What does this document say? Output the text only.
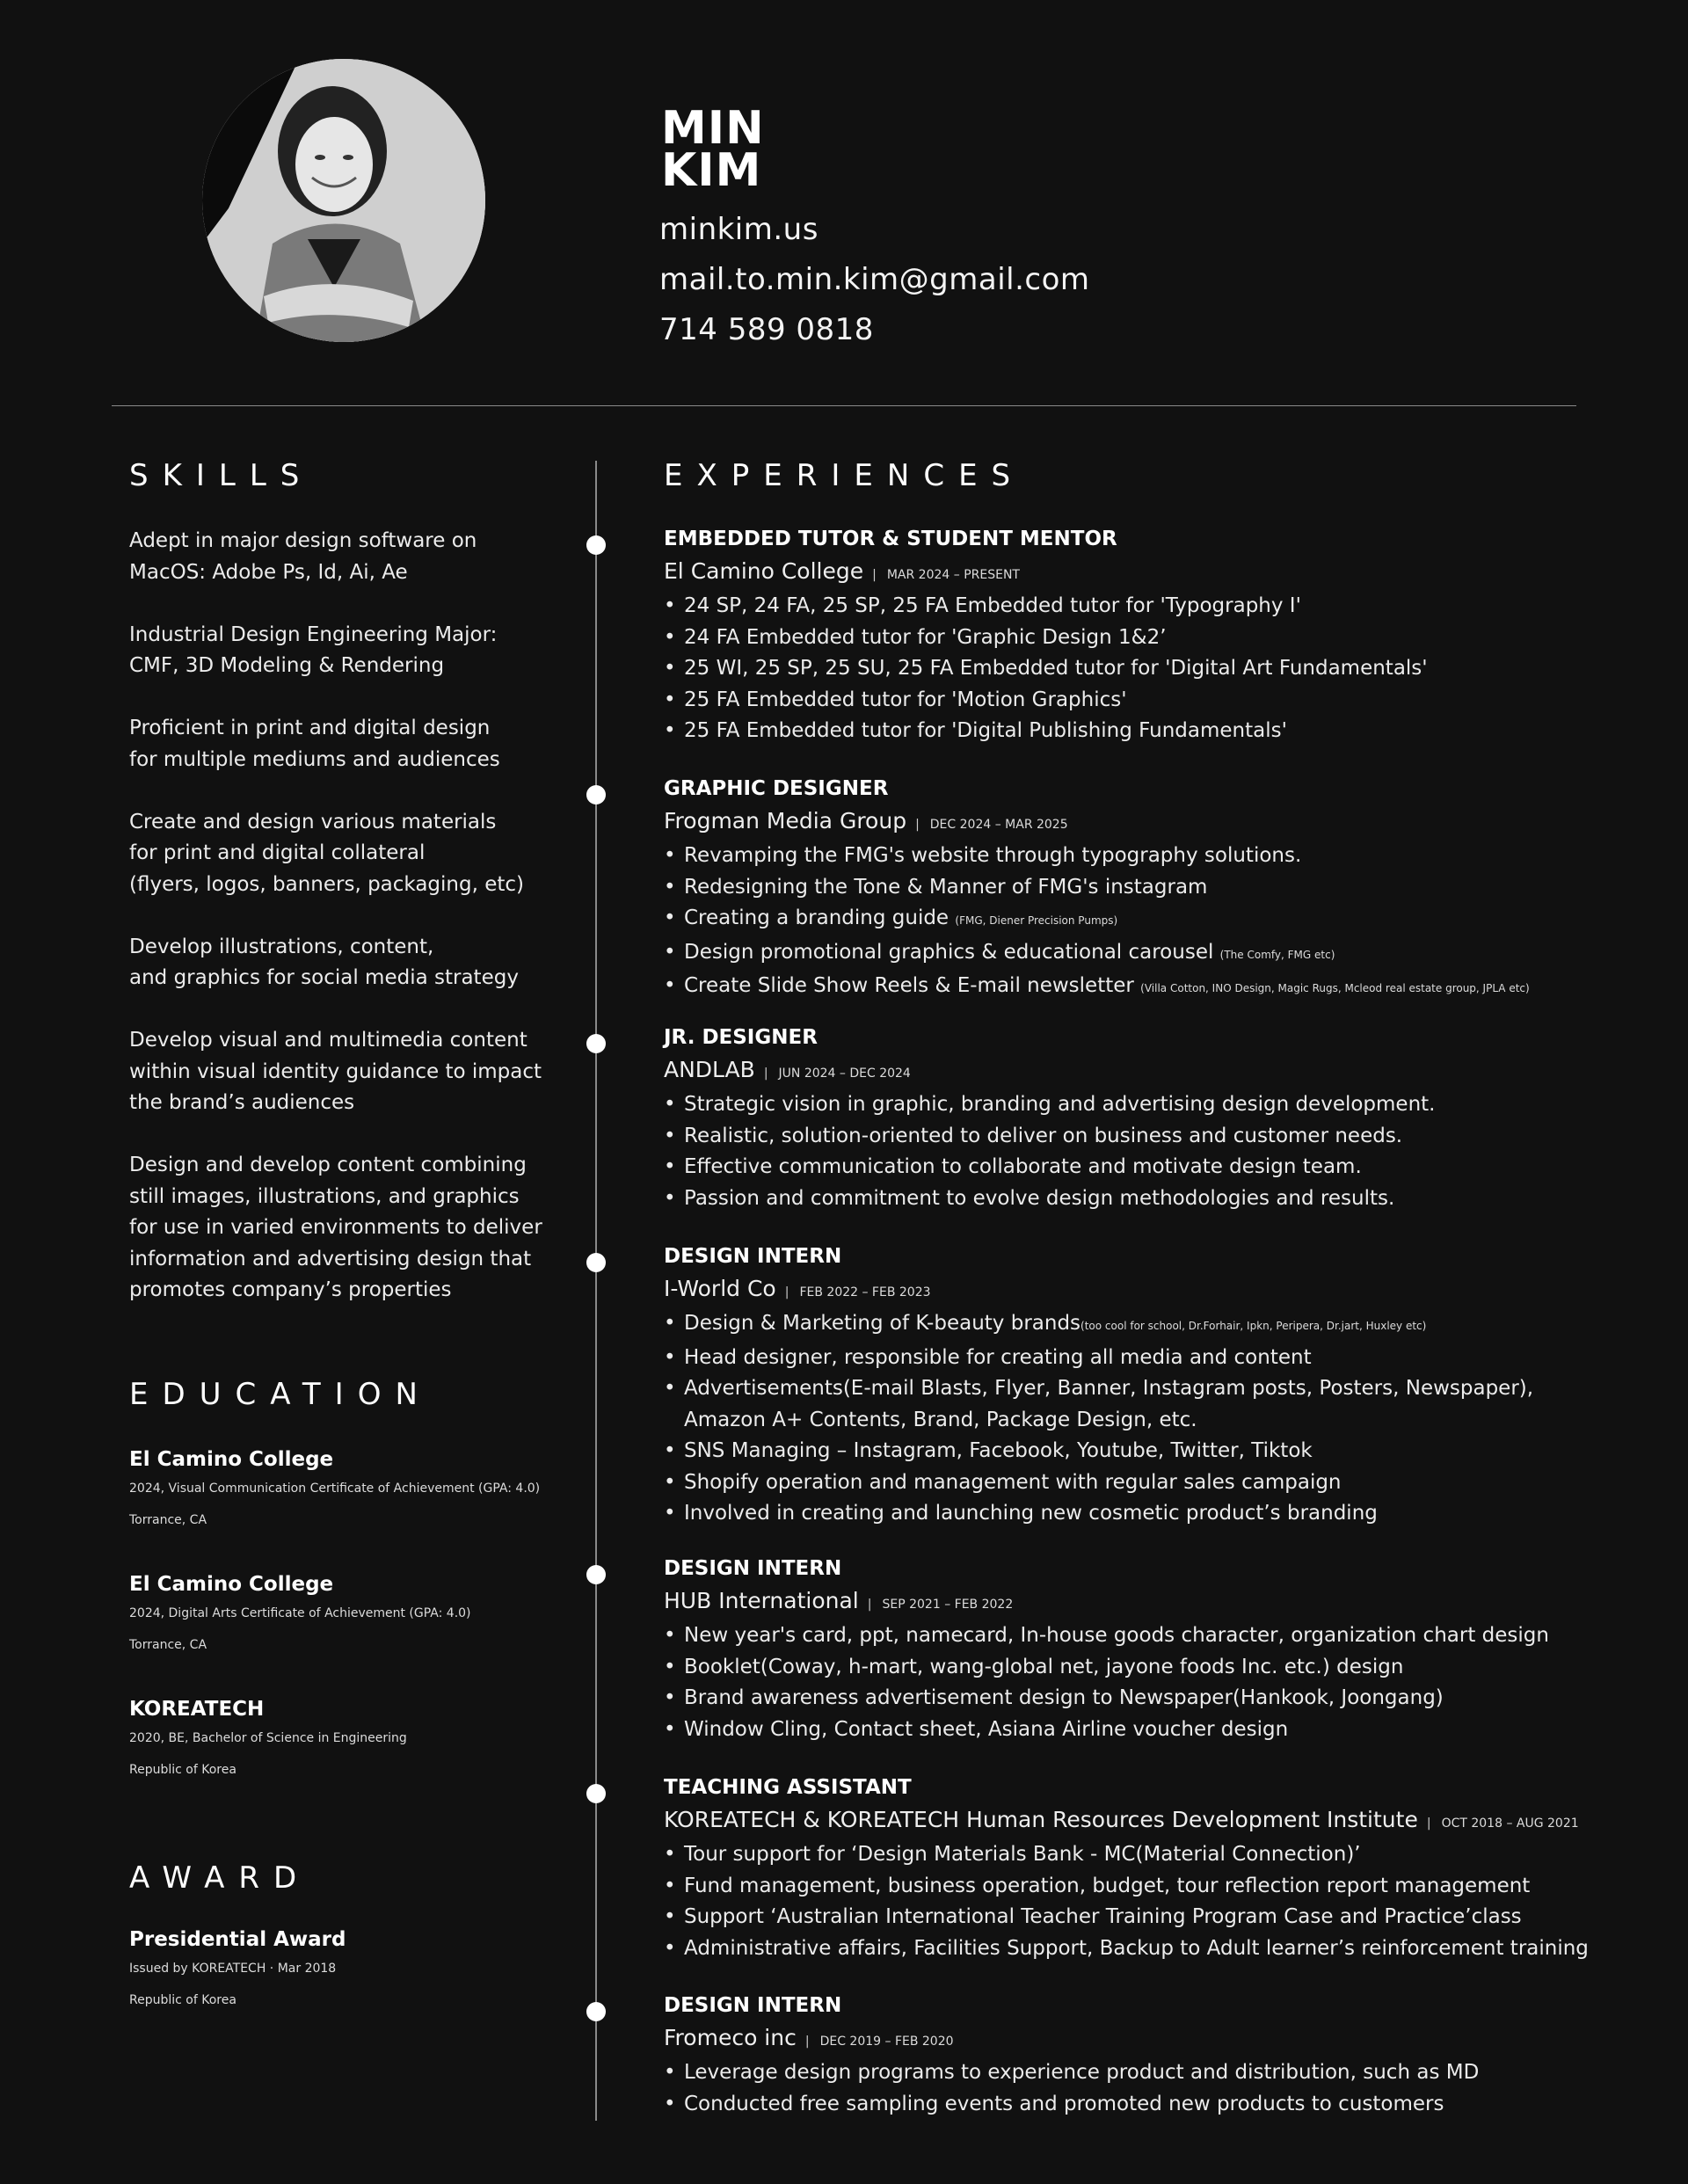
MIN
KIM
minkim.us
mail.to.min.kim@gmail.com
714 589 0818
SKILLS
Adept in major design software on
MacOS: Adobe Ps, Id, Ai, Ae
Industrial Design Engineering Major:
CMF, 3D Modeling & Rendering
Proficient in print and digital design
for multiple mediums and audiences
Create and design various materials
for print and digital collateral
(flyers, logos, banners, packaging, etc)
Develop illustrations, content,
and graphics for social media strategy
Develop visual and multimedia content
within visual identity guidance to impact
the brand’s audiences
Design and develop content combining
still images, illustrations, and graphics
for use in varied environments to deliver
information and advertising design that
promotes company’s properties
EDUCATION
El Camino College
2024, Visual Communication Certificate of Achievement (GPA: 4.0)
Torrance, CA
El Camino College
2024, Digital Arts Certificate of Achievement (GPA: 4.0)
Torrance, CA
KOREATECH
2020, BE, Bachelor of Science in Engineering
Republic of Korea
AWARD
Presidential Award
Issued by KOREATECH · Mar 2018
Republic of Korea
EXPERIENCES
EMBEDDED TUTOR & STUDENT MENTOR
El Camino College | MAR 2024 – PRESENT
• 24 SP, 24 FA, 25 SP, 25 FA Embedded tutor for 'Typography I'
• 24 FA Embedded tutor for 'Graphic Design 1&2’
• 25 WI, 25 SP, 25 SU, 25 FA Embedded tutor for 'Digital Art Fundamentals'
• 25 FA Embedded tutor for 'Motion Graphics'
• 25 FA Embedded tutor for 'Digital Publishing Fundamentals'
GRAPHIC DESIGNER
Frogman Media Group | DEC 2024 – MAR 2025
• Revamping the FMG's website through typography solutions.
• Redesigning the Tone & Manner of FMG's instagram
• Creating a branding guide (FMG, Diener Precision Pumps)
• Design promotional graphics & educational carousel (The Comfy, FMG etc)
• Create Slide Show Reels & E-mail newsletter (Villa Cotton, INO Design, Magic Rugs, Mcleod real estate group, JPLA etc)
JR. DESIGNER
ANDLAB | JUN 2024 – DEC 2024
• Strategic vision in graphic, branding and advertising design development.
• Realistic, solution-oriented to deliver on business and customer needs.
• Effective communication to collaborate and motivate design team.
• Passion and commitment to evolve design methodologies and results.
DESIGN INTERN
I-World Co | FEB 2022 – FEB 2023
• Design & Marketing of K-beauty brands(too cool for school, Dr.Forhair, Ipkn, Peripera, Dr.jart, Huxley etc)
• Head designer, responsible for creating all media and content
• Advertisements(E-mail Blasts, Flyer, Banner, Instagram posts, Posters, Newspaper),
Amazon A+ Contents, Brand, Package Design, etc.
• SNS Managing – Instagram, Facebook, Youtube, Twitter, Tiktok
• Shopify operation and management with regular sales campaign
• Involved in creating and launching new cosmetic product’s branding
DESIGN INTERN
HUB International | SEP 2021 – FEB 2022
• New year's card, ppt, namecard, In-house goods character, organization chart design
• Booklet(Coway, h-mart, wang-global net, jayone foods Inc. etc.) design
• Brand awareness advertisement design to Newspaper(Hankook, Joongang)
• Window Cling, Contact sheet, Asiana Airline voucher design
TEACHING ASSISTANT
KOREATECH & KOREATECH Human Resources Development Institute | OCT 2018 – AUG 2021
• Tour support for ‘Design Materials Bank - MC(Material Connection)’
• Fund management, business operation, budget, tour reflection report management
• Support ‘Australian International Teacher Training Program Case and Practice’class
• Administrative affairs, Facilities Support, Backup to Adult learner’s reinforcement training
DESIGN INTERN
Fromeco inc | DEC 2019 – FEB 2020
• Leverage design programs to experience product and distribution, such as MD
• Conducted free sampling events and promoted new products to customers
